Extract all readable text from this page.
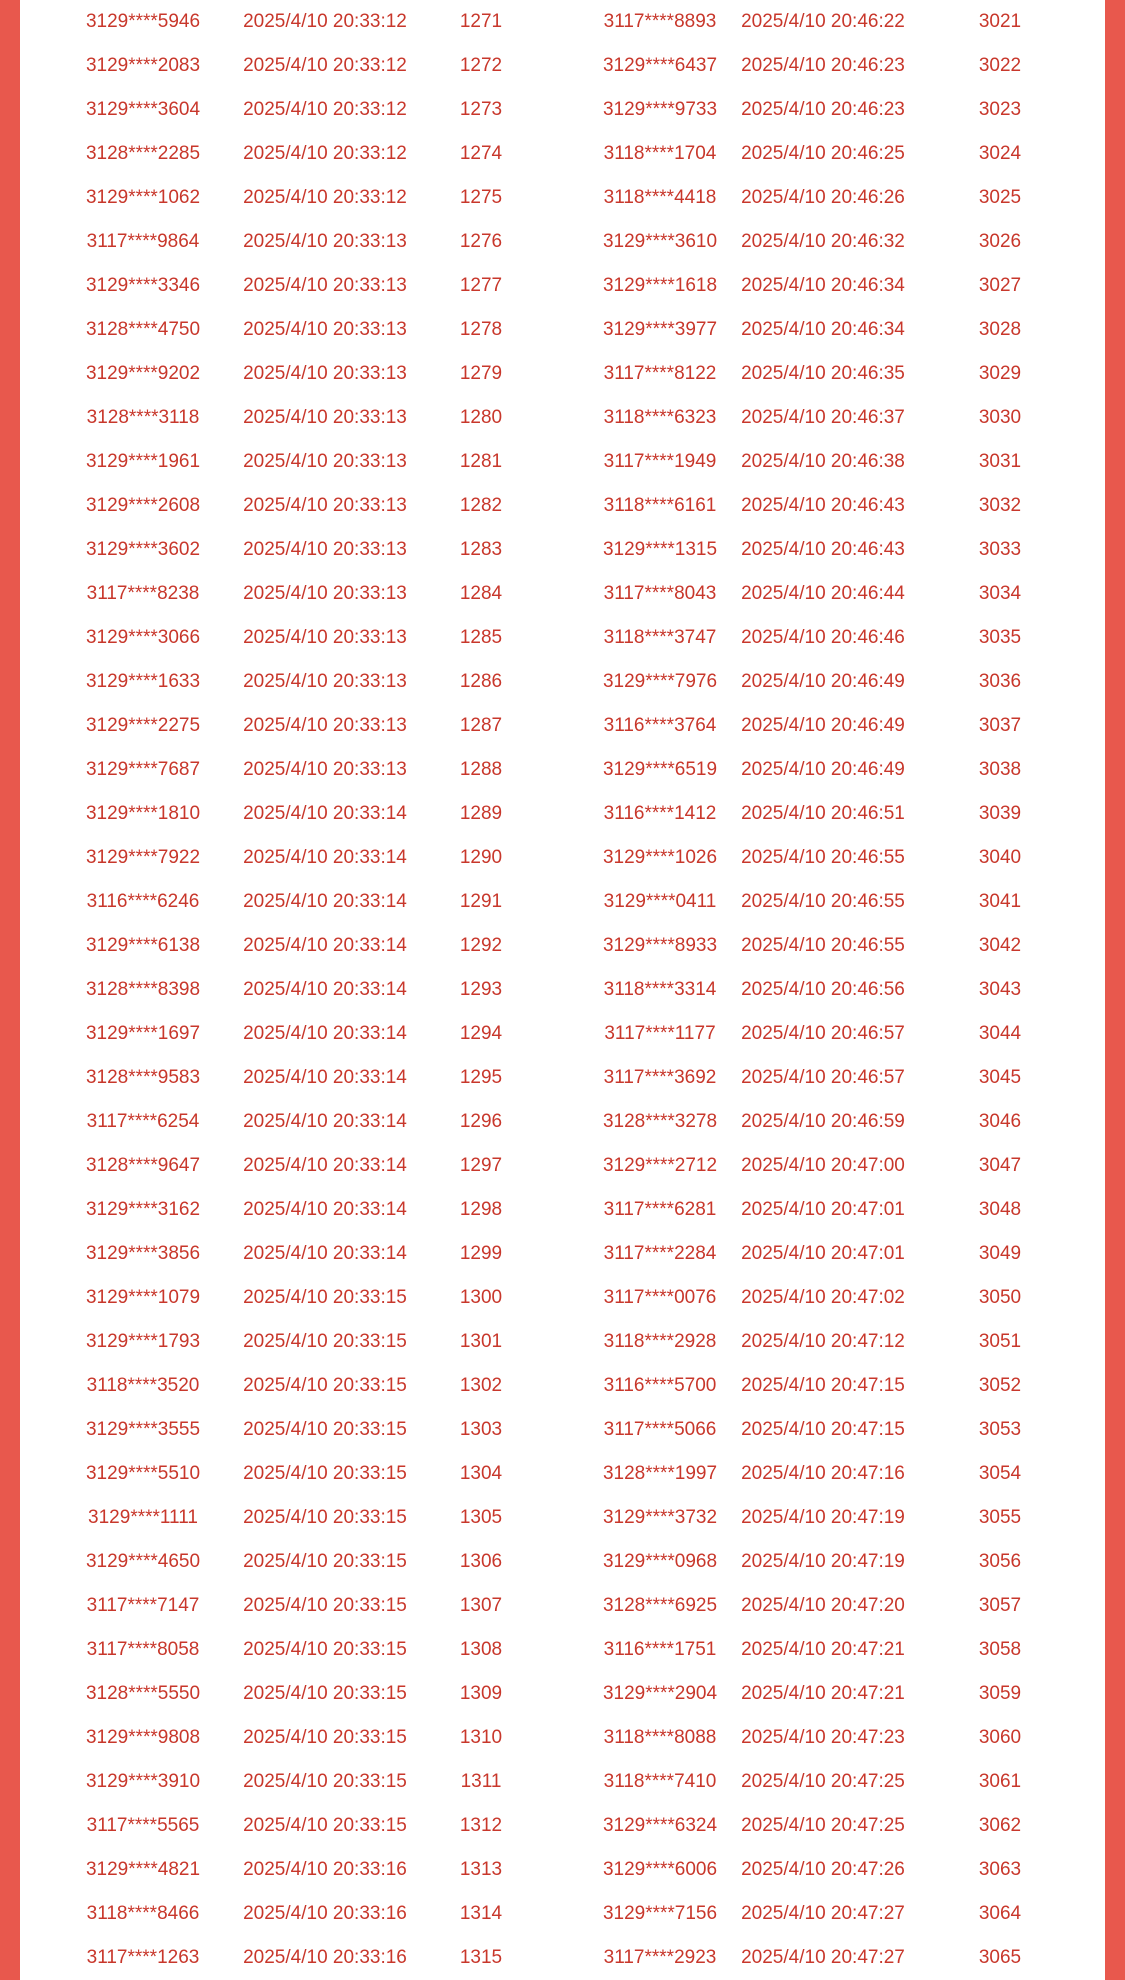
3129****5946	2025/4/10 20:33:12	1271	3117****8893	2025/4/10 20:46:22	3021
3129****2083	2025/4/10 20:33:12	1272	3129****6437	2025/4/10 20:46:23	3022
3129****3604	2025/4/10 20:33:12	1273	3129****9733	2025/4/10 20:46:23	3023
3128****2285	2025/4/10 20:33:12	1274	3118****1704	2025/4/10 20:46:25	3024
3129****1062	2025/4/10 20:33:12	1275	3118****4418	2025/4/10 20:46:26	3025
3117****9864	2025/4/10 20:33:13	1276	3129****3610	2025/4/10 20:46:32	3026
3129****3346	2025/4/10 20:33:13	1277	3129****1618	2025/4/10 20:46:34	3027
3128****4750	2025/4/10 20:33:13	1278	3129****3977	2025/4/10 20:46:34	3028
3129****9202	2025/4/10 20:33:13	1279	3117****8122	2025/4/10 20:46:35	3029
3128****3118	2025/4/10 20:33:13	1280	3118****6323	2025/4/10 20:46:37	3030
3129****1961	2025/4/10 20:33:13	1281	3117****1949	2025/4/10 20:46:38	3031
3129****2608	2025/4/10 20:33:13	1282	3118****6161	2025/4/10 20:46:43	3032
3129****3602	2025/4/10 20:33:13	1283	3129****1315	2025/4/10 20:46:43	3033
3117****8238	2025/4/10 20:33:13	1284	3117****8043	2025/4/10 20:46:44	3034
3129****3066	2025/4/10 20:33:13	1285	3118****3747	2025/4/10 20:46:46	3035
3129****1633	2025/4/10 20:33:13	1286	3129****7976	2025/4/10 20:46:49	3036
3129****2275	2025/4/10 20:33:13	1287	3116****3764	2025/4/10 20:46:49	3037
3129****7687	2025/4/10 20:33:13	1288	3129****6519	2025/4/10 20:46:49	3038
3129****1810	2025/4/10 20:33:14	1289	3116****1412	2025/4/10 20:46:51	3039
3129****7922	2025/4/10 20:33:14	1290	3129****1026	2025/4/10 20:46:55	3040
3116****6246	2025/4/10 20:33:14	1291	3129****0411	2025/4/10 20:46:55	3041
3129****6138	2025/4/10 20:33:14	1292	3129****8933	2025/4/10 20:46:55	3042
3128****8398	2025/4/10 20:33:14	1293	3118****3314	2025/4/10 20:46:56	3043
3129****1697	2025/4/10 20:33:14	1294	3117****1177	2025/4/10 20:46:57	3044
3128****9583	2025/4/10 20:33:14	1295	3117****3692	2025/4/10 20:46:57	3045
3117****6254	2025/4/10 20:33:14	1296	3128****3278	2025/4/10 20:46:59	3046
3128****9647	2025/4/10 20:33:14	1297	3129****2712	2025/4/10 20:47:00	3047
3129****3162	2025/4/10 20:33:14	1298	3117****6281	2025/4/10 20:47:01	3048
3129****3856	2025/4/10 20:33:14	1299	3117****2284	2025/4/10 20:47:01	3049
3129****1079	2025/4/10 20:33:15	1300	3117****0076	2025/4/10 20:47:02	3050
3129****1793	2025/4/10 20:33:15	1301	3118****2928	2025/4/10 20:47:12	3051
3118****3520	2025/4/10 20:33:15	1302	3116****5700	2025/4/10 20:47:15	3052
3129****3555	2025/4/10 20:33:15	1303	3117****5066	2025/4/10 20:47:15	3053
3129****5510	2025/4/10 20:33:15	1304	3128****1997	2025/4/10 20:47:16	3054
3129****1111	2025/4/10 20:33:15	1305	3129****3732	2025/4/10 20:47:19	3055
3129****4650	2025/4/10 20:33:15	1306	3129****0968	2025/4/10 20:47:19	3056
3117****7147	2025/4/10 20:33:15	1307	3128****6925	2025/4/10 20:47:20	3057
3117****8058	2025/4/10 20:33:15	1308	3116****1751	2025/4/10 20:47:21	3058
3128****5550	2025/4/10 20:33:15	1309	3129****2904	2025/4/10 20:47:21	3059
3129****9808	2025/4/10 20:33:15	1310	3118****8088	2025/4/10 20:47:23	3060
3129****3910	2025/4/10 20:33:15	1311	3118****7410	2025/4/10 20:47:25	3061
3117****5565	2025/4/10 20:33:15	1312	3129****6324	2025/4/10 20:47:25	3062
3129****4821	2025/4/10 20:33:16	1313	3129****6006	2025/4/10 20:47:26	3063
3118****8466	2025/4/10 20:33:16	1314	3129****7156	2025/4/10 20:47:27	3064
3117****1263	2025/4/10 20:33:16	1315	3117****2923	2025/4/10 20:47:27	3065
